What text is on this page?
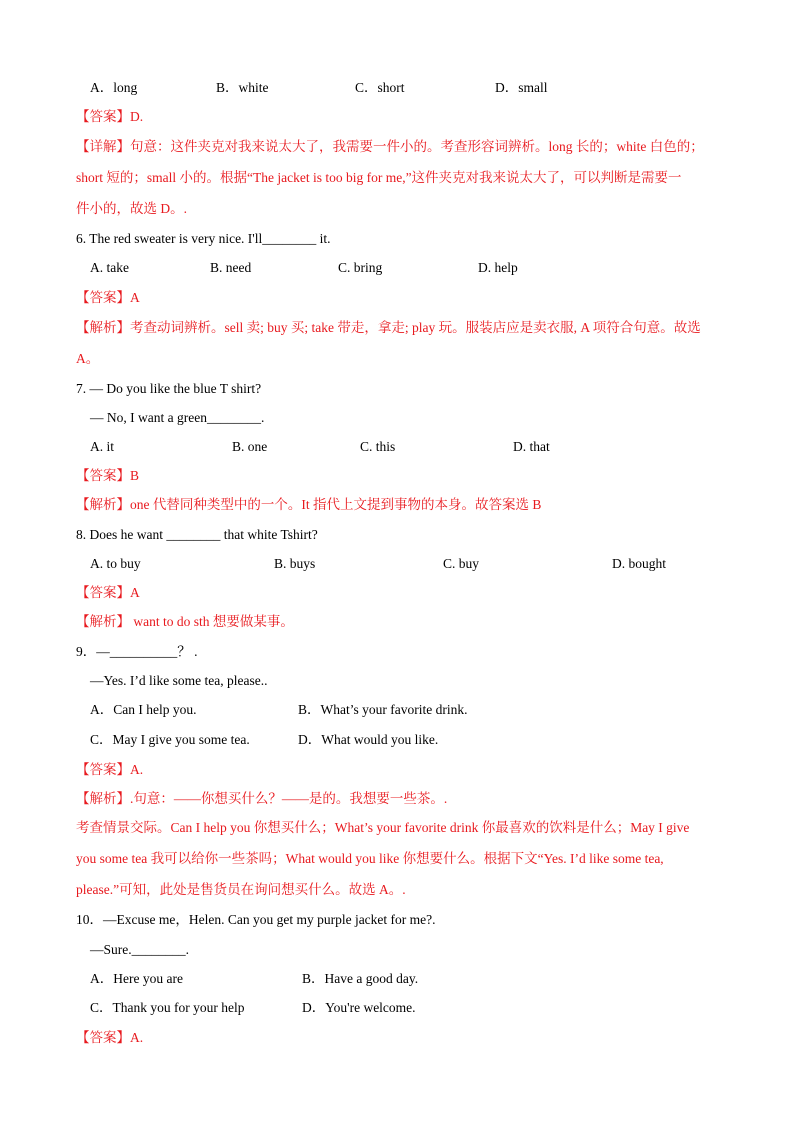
A．long	B．white	C．short	D．small
【答案】D.
【详解】句意：这件夹克对我来说太大了，我需要一件小的。考查形容词辨析。long 长的；white 白色的；
short 短的；small 小的。根据“The jacket is too big for me,”这件夹克对我来说太大了，可以判断是需要一
件小的，故选 D。.
6. The red sweater is very nice. I'll________ it.
A. take	B. need	C. bring	D. help
【答案】A
【解析】考查动词辨析。sell 卖; buy 买; take 带走，拿走; play 玩。服装店应是卖衣服, A 项符合句意。故选
A。
7. — Do you like the blue T shirt?
— No, I want a green________.
A. it	B. one	C. this	D. that
【答案】B
【解析】one 代替同种类型中的一个。It 指代上文提到事物的本身。故答案选 B
8. Does he want ________ that white Tshirt?
A. to buy	B. buys	C. buy	D. bought
【答案】A
【解析】 want to do sth 想要做某事。
9．—__________？ .
—Yes. I’d like some tea, please..
A．Can I help you.	B．What’s your favorite drink.
C．May I give you some tea.	D．What would you like.
【答案】A.
【解析】.句意：——你想买什么？——是的。我想要一些茶。.
考查情景交际。Can I help you 你想买什么；What’s your favorite drink 你最喜欢的饮料是什么；May I give
you some tea 我可以给你一些茶吗；What would you like 你想要什么。根据下文“Yes. I’d like some tea,
please.”可知，此处是售货员在询问想买什么。故选 A。.
10．—Excuse me，Helen. Can you get my purple jacket for me?.
—Sure.________.
A．Here you are	B．Have a good day.
C．Thank you for your help	D．You're welcome.
【答案】A.
